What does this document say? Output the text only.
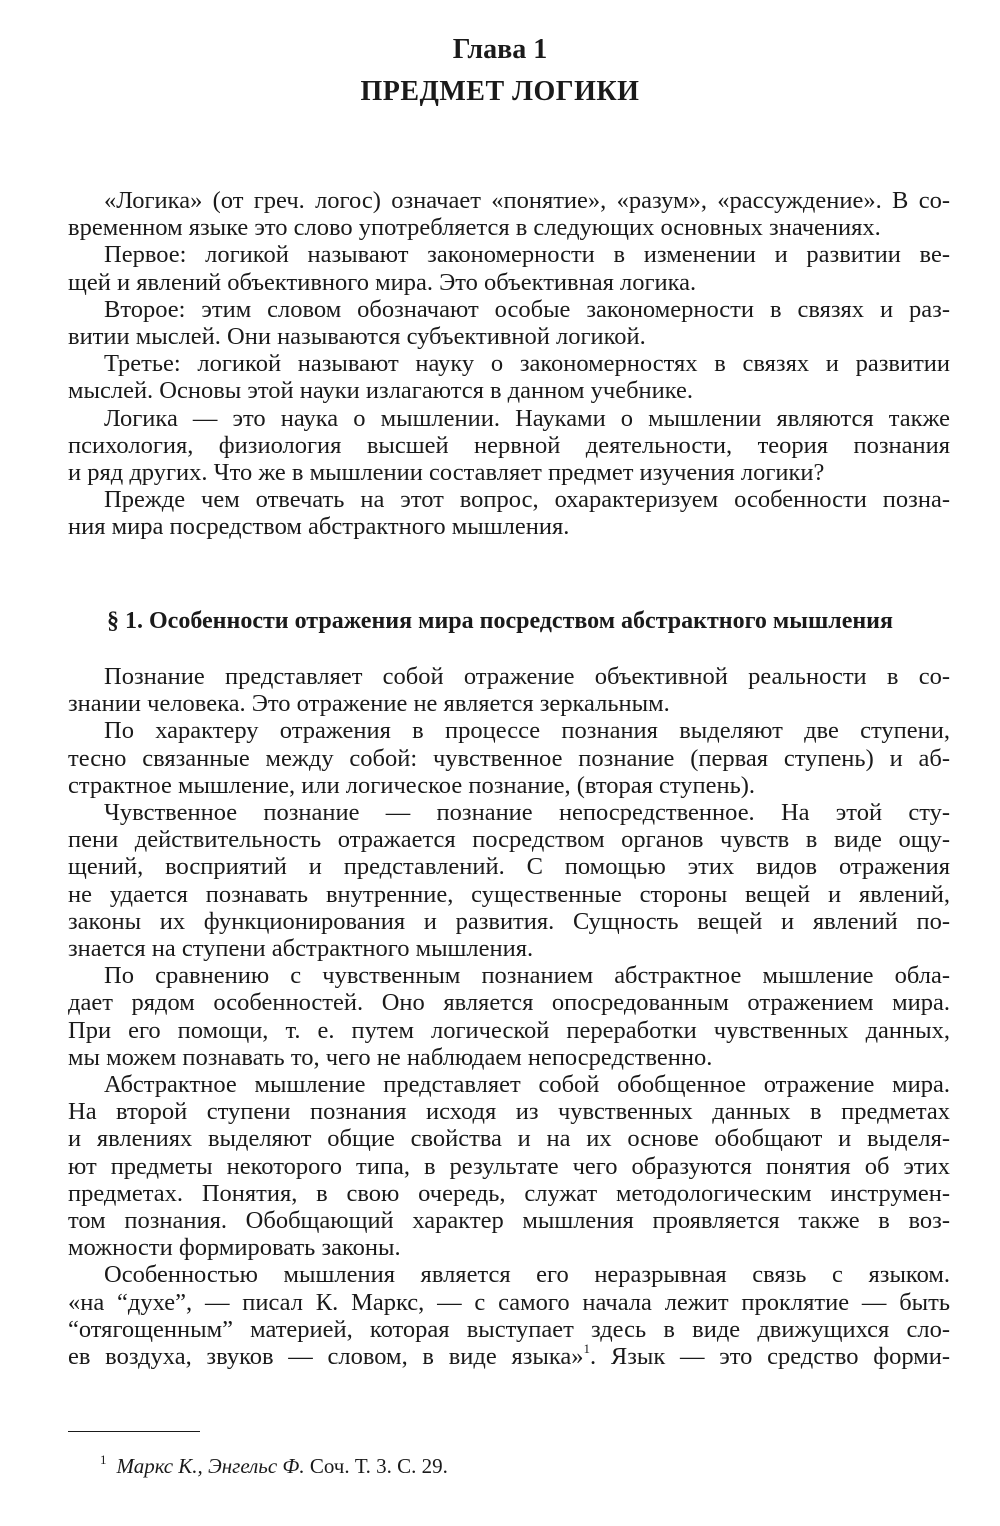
Глава 1
ПРЕДМЕТ ЛОГИКИ

«Логика» (от греч. логос) означает «понятие», «разум», «рассуждение». В со-
временном языке это слово употребляется в следующих основных значениях.

Первое: логикой называют закономерности в изменении и развитии ве-
щей и явлений объективного мира. Это объективная логика.

Второе: этим словом обозначают особые закономерности в связях и раз-
витии мыслей. Они называются субъективной логикой.

Третье: логикой называют науку о закономерностях в связях и развитии
мыслей. Основы этой науки излагаются в данном учебнике.

Логика — это наука о мышлении. Науками о мышлении являются также
психология, физиология высшей нервной деятельности, теория познания
и ряд других. Что же в мышлении составляет предмет изучения логики?

Прежде чем отвечать на этот вопрос, охарактеризуем особенности позна-
ния мира посредством абстрактного мышления.

§ 1. Особенности отражения мира посредством абстрактного мышления

Познание представляет собой отражение объективной реальности в со-
знании человека. Это отражение не является зеркальным.

По характеру отражения в процессе познания выделяют две ступени,
тесно связанные между собой: чувственное познание (первая ступень) и аб-
страктное мышление, или логическое познание, (вторая ступень).

Чувственное познание — познание непосредственное. На этой сту-
пени действительность отражается посредством органов чувств в виде ощу-
щений, восприятий и представлений. С помощью этих видов отражения
не удается познавать внутренние, существенные стороны вещей и явлений,
законы их функционирования и развития. Сущность вещей и явлений по-
знается на ступени абстрактного мышления.

По сравнению с чувственным познанием абстрактное мышление обла-
дает рядом особенностей. Оно является опосредованным отражением мира.
При его помощи, т. е. путем логической переработки чувственных данных,
мы можем познавать то, чего не наблюдаем непосредственно.

Абстрактное мышление представляет собой обобщенное отражение мира.
На второй ступени познания исходя из чувственных данных в предметах
и явлениях выделяют общие свойства и на их основе обобщают и выделя-
ют предметы некоторого типа, в результате чего образуются понятия об этих
предметах. Понятия, в свою очередь, служат методологическим инструмен-
том познания. Обобщающий характер мышления проявляется также в воз-
можности формировать законы.

Особенностью мышления является его неразрывная связь с языком.
«на “духе”, — писал К. Маркс, — с самого начала лежит проклятие — быть
“отягощенным” материей, которая выступает здесь в виде движущихся сло-
ев воздуха, звуков — словом, в виде языка»$^1$. Язык — это средство форми-

$^1$ Маркс К., Энгельс Ф. Соч. Т. 3. С. 29.
